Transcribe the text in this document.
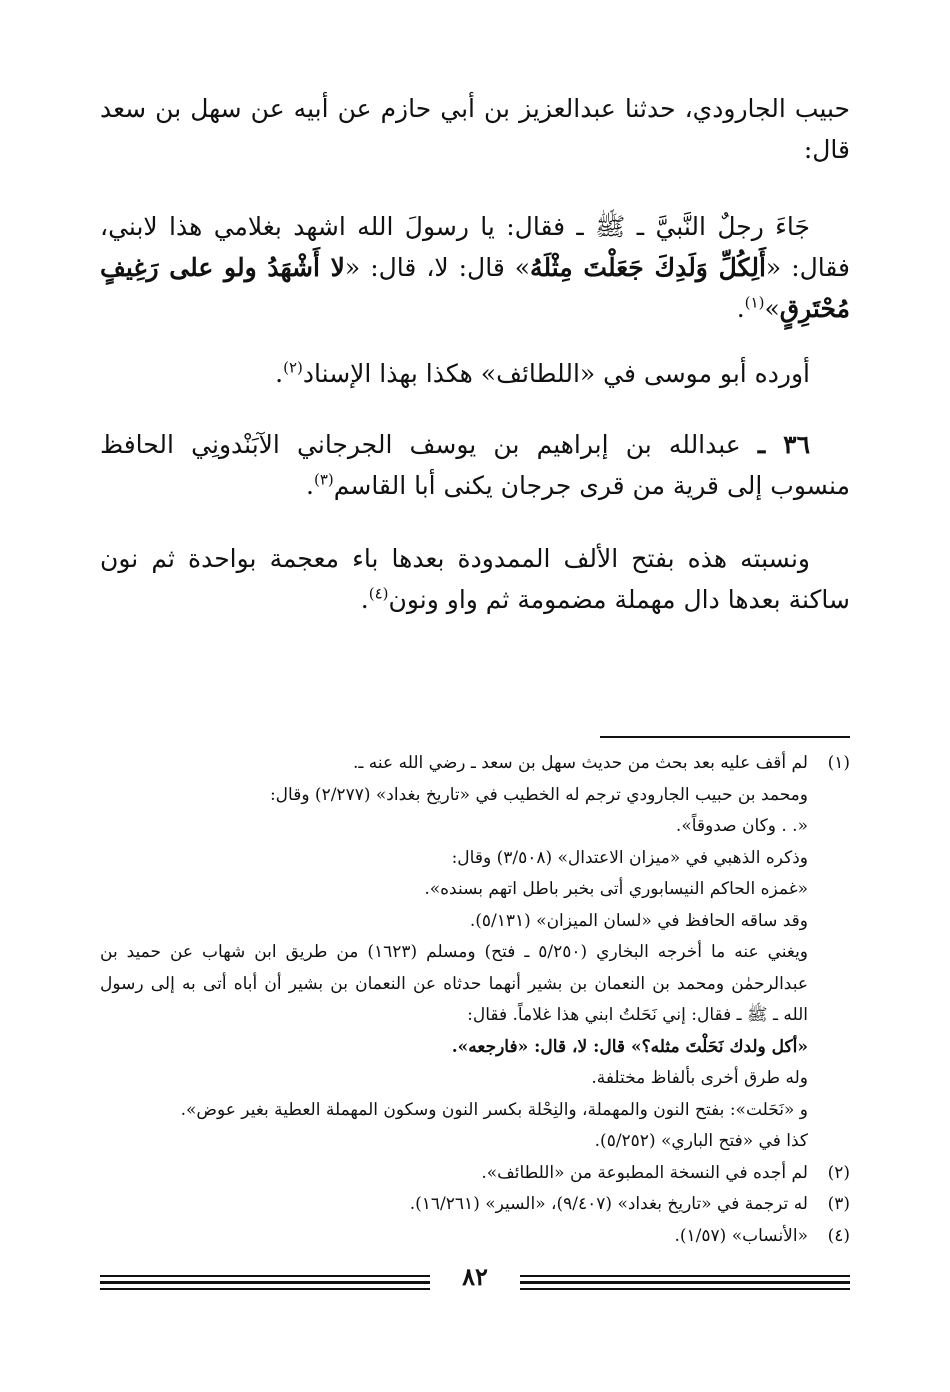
حبيب الجارودي، حدثنا عبدالعزيز بن أبي حازم عن أبيه عن سهل بن سعد قال:

جَاءَ رجلٌ النَّبيَّ ـ ﷺ ـ فقال: يا رسولَ الله اشهد بغلامي هذا لابني، فقال: «أَلِكُلِّ وَلَدِكَ جَعَلْتَ مِثْلَهُ» قال: لا، قال: «لا أَشْهَدُ ولو على رَغِيفٍ مُحْتَرِقٍ»$^{(١)}$.

أورده أبو موسى في «اللطائف» هكذا بهذا الإسناد$^{(٢)}$.

٣٦ ـ عبدالله بن إبراهيم بن يوسف الجرجاني الآبَنْدونِي الحافظ منسوب إلى قرية من قرى جرجان يكنى أبا القاسم$^{(٣)}$.

ونسبته هذه بفتح الألف الممدودة بعدها باء معجمة بواحدة ثم نون ساكنة بعدها دال مهملة مضمومة ثم واو ونون$^{(٤)}$.

(١)
لم أقف عليه بعد بحث من حديث سهل بن سعد ـ رضي الله عنه ـ.
ومحمد بن حبيب الجارودي ترجم له الخطيب في «تاريخ بغداد» (٢/٢٧٧) وقال:
«. . وكان صدوقاً».
وذكره الذهبي في «ميزان الاعتدال» (٣/٥٠٨) وقال:
«غمزه الحاكم النيسابوري أتى بخبر باطل اتهم بسنده».
وقد ساقه الحافظ في «لسان الميزان» (٥/١٣١).
ويغني عنه ما أخرجه البخاري (٥/٢٥٠ ـ فتح) ومسلم (١٦٢٣) من طريق ابن شهاب عن حميد بن عبدالرحمٰن ومحمد بن النعمان بن بشير أنهما حدثاه عن النعمان بن بشير أن أباه أتى به إلى رسول الله ـ ﷺ ـ فقال: إني نَحَلتُ ابني هذا غلاماً. فقال:
«أكل ولدك نَحَلْتَ مثله؟» قال: لا، قال: «فارجعه».
وله طرق أخرى بألفاظ مختلفة.
و «نَحَلت»: بفتح النون والمهملة، والنِحْلة بكسر النون وسكون المهملة العطية بغير عوض».
كذا في «فتح الباري» (٥/٢٥٢).
(٢)
لم أجده في النسخة المطبوعة من «اللطائف».
(٣)
له ترجمة في «تاريخ بغداد» (٩/٤٠٧)، «السير» (١٦/٢٦١).
(٤)
«الأنساب» (١/٥٧).
٨٢
